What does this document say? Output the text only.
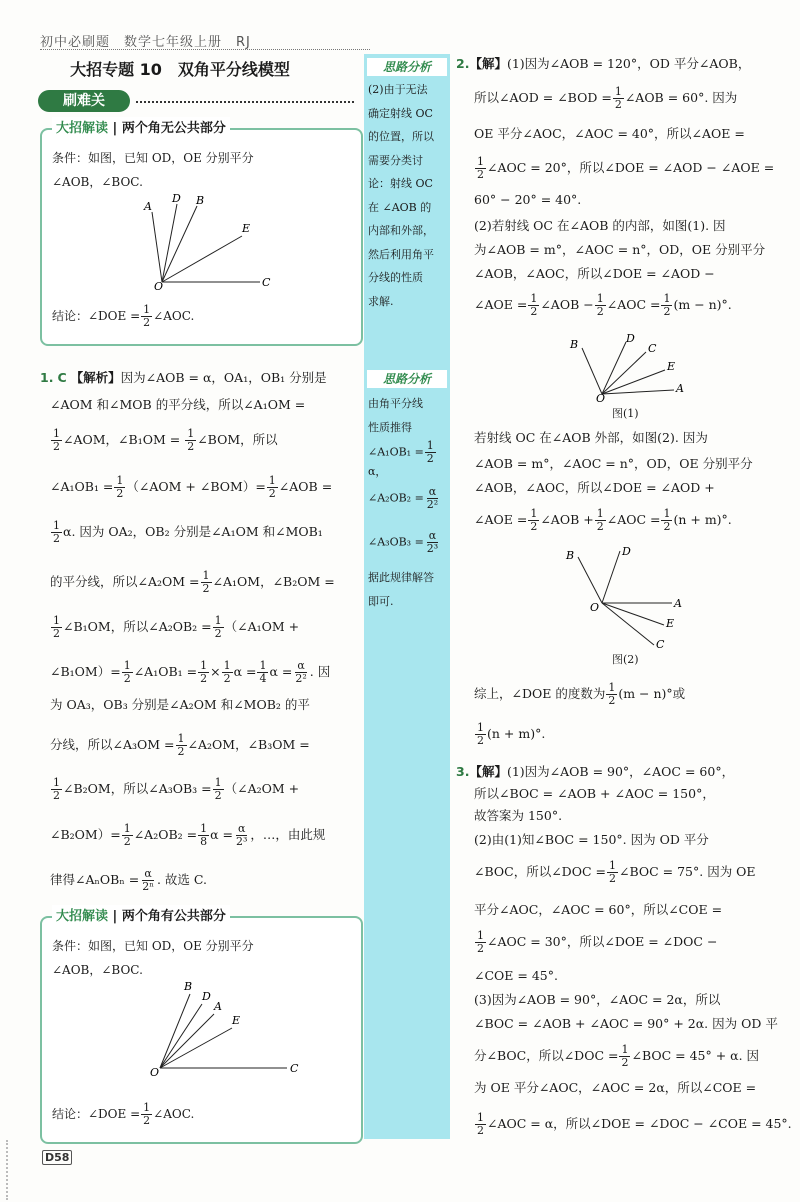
初中必刷题　数学七年级上册　RJ
大招专题 10　双角平分线模型
刷难关
大招解读 | 两个角无公共部分
条件：如图，已知 OD，OE 分别平分
∠AOB，∠BOC.
A
D B
E
O	C
结论：∠DOE = $\frac{1}{2}$ ∠AOC.
1. C 【解析】因为∠AOB = α，OA₁，OB₁ 分别是
∠AOM 和∠MOB 的平分线，所以∠A₁OM =
$\frac{1}{2}$ ∠AOM，∠B₁OM = $\frac{1}{2}$ ∠BOM，所以
∠A₁OB₁ = $\frac{1}{2}$ （∠AOM + ∠BOM）= $\frac{1}{2}$ ∠AOB =
$\frac{1}{2} \alpha$. 因为 OA₂，OB₂ 分别是∠A₁OM 和∠MOB₁
的平分线，所以∠A₂OM = $\frac{1}{2}$ ∠A₁OM，∠B₂OM =
$\frac{1}{2}$ ∠B₁OM，所以∠A₂OB₂ = $\frac{1}{2}$ （∠A₁OM +
∠B₁OM）= $\frac{1}{2}$ ∠A₁OB₁ = $\frac{1}{2} \times \frac{1}{2}$ $\alpha = \frac{1}{4}$ $\alpha = \frac{\alpha}{\text{2²}}$ . 因
为 OA₃，OB₃ 分别是∠A₂OM 和∠MOB₂ 的平
分线，所以∠A₃OM = $\frac{1}{2}$ ∠A₂OM，∠B₃OM =
$\frac{1}{2}$ ∠B₂OM，所以∠A₃OB₃ = $\frac{1}{2}$ （∠A₂OM +
∠B₂OM）= $\frac{1}{2}$ ∠A₂OB₂ = $\frac{1}{8}$ $\alpha = \frac{\alpha}{\text{2³}}$ ，…，由此规
律得∠AₙOBₙ = $\frac{\alpha}{\text{2ⁿ}}$ . 故选 C.
大招解读 | 两个角有公共部分
条件：如图，已知 OD，OE 分别平分
∠AOB，∠BOC.
B
D
A
E
O	C
结论：∠DOE = $\frac{1}{2}$ ∠AOC.
思路分析
(2)由于无法
确定射线 OC
的位置，所以
需要分类讨
论：射线 OC
在 ∠AOB 的
内部和外部，
然后利用角平
分线的性质
求解.
思路分析
由角平分线
性质推得
∠A₁OB₁ = $\frac{1}{2}$
α，
∠A₂OB₂ = $\frac{\alpha}{\text{2²}}$
∠A₃OB₃ = $\frac{\alpha}{\text{2³}}$
据此规律解答
即可.
2.【解】(1)因为∠AOB = 120°，OD 平分∠AOB，
所以∠AOD = ∠BOD = $\frac{1}{2}$ ∠AOB = 60°. 因为
OE 平分∠AOC，∠AOC = 40°，所以∠AOE =
$\frac{1}{2}$ ∠AOC = 20°，所以∠DOE = ∠AOD − ∠AOE =
60° − 20° = 40°.
(2)若射线 OC 在∠AOB 的内部，如图(1). 因
为∠AOB = m°，∠AOC = n°，OD，OE 分别平分
∠AOB，∠AOC，所以∠DOE = ∠AOD −
∠AOE = $\frac{1}{2}$ ∠AOB − $\frac{1}{2}$ ∠AOC = $\frac{1}{2} (m - n)^\circ$.
B	D
C
E
A
O
图(1)
若射线 OC 在∠AOB 外部，如图(2). 因为
∠AOB = m°，∠AOC = n°，OD，OE 分别平分
∠AOB，∠AOC，所以∠DOE = ∠AOD +
∠AOE = $\frac{1}{2}$ ∠AOB + $\frac{1}{2}$ ∠AOC = $\frac{1}{2} (n + m)^\circ$.
B	D
A
E
C
O
图(2)
综上，∠DOE 的度数为 $\frac{1}{2} (m - n)^\circ$或
$\frac{1}{2} (n + m)^\circ$.
3.【解】(1)因为∠AOB = 90°，∠AOC = 60°，
所以∠BOC = ∠AOB + ∠AOC = 150°，
故答案为 150°.
(2)由(1)知∠BOC = 150°. 因为 OD 平分
∠BOC，所以∠DOC = $\frac{1}{2}$ ∠BOC = 75°. 因为 OE
平分∠AOC，∠AOC = 60°，所以∠COE =
$\frac{1}{2}$ ∠AOC = 30°，所以∠DOE = ∠DOC −
∠COE = 45°.
(3)因为∠AOB = 90°，∠AOC = 2α，所以
∠BOC = ∠AOB + ∠AOC = 90° + 2α. 因为 OD 平
分∠BOC，所以∠DOC = $\frac{1}{2}$ ∠BOC = 45° + α. 因
为 OE 平分∠AOC，∠AOC = 2α，所以∠COE =
$\frac{1}{2}$ ∠AOC = α，所以∠DOE = ∠DOC − ∠COE = 45°.
D58
